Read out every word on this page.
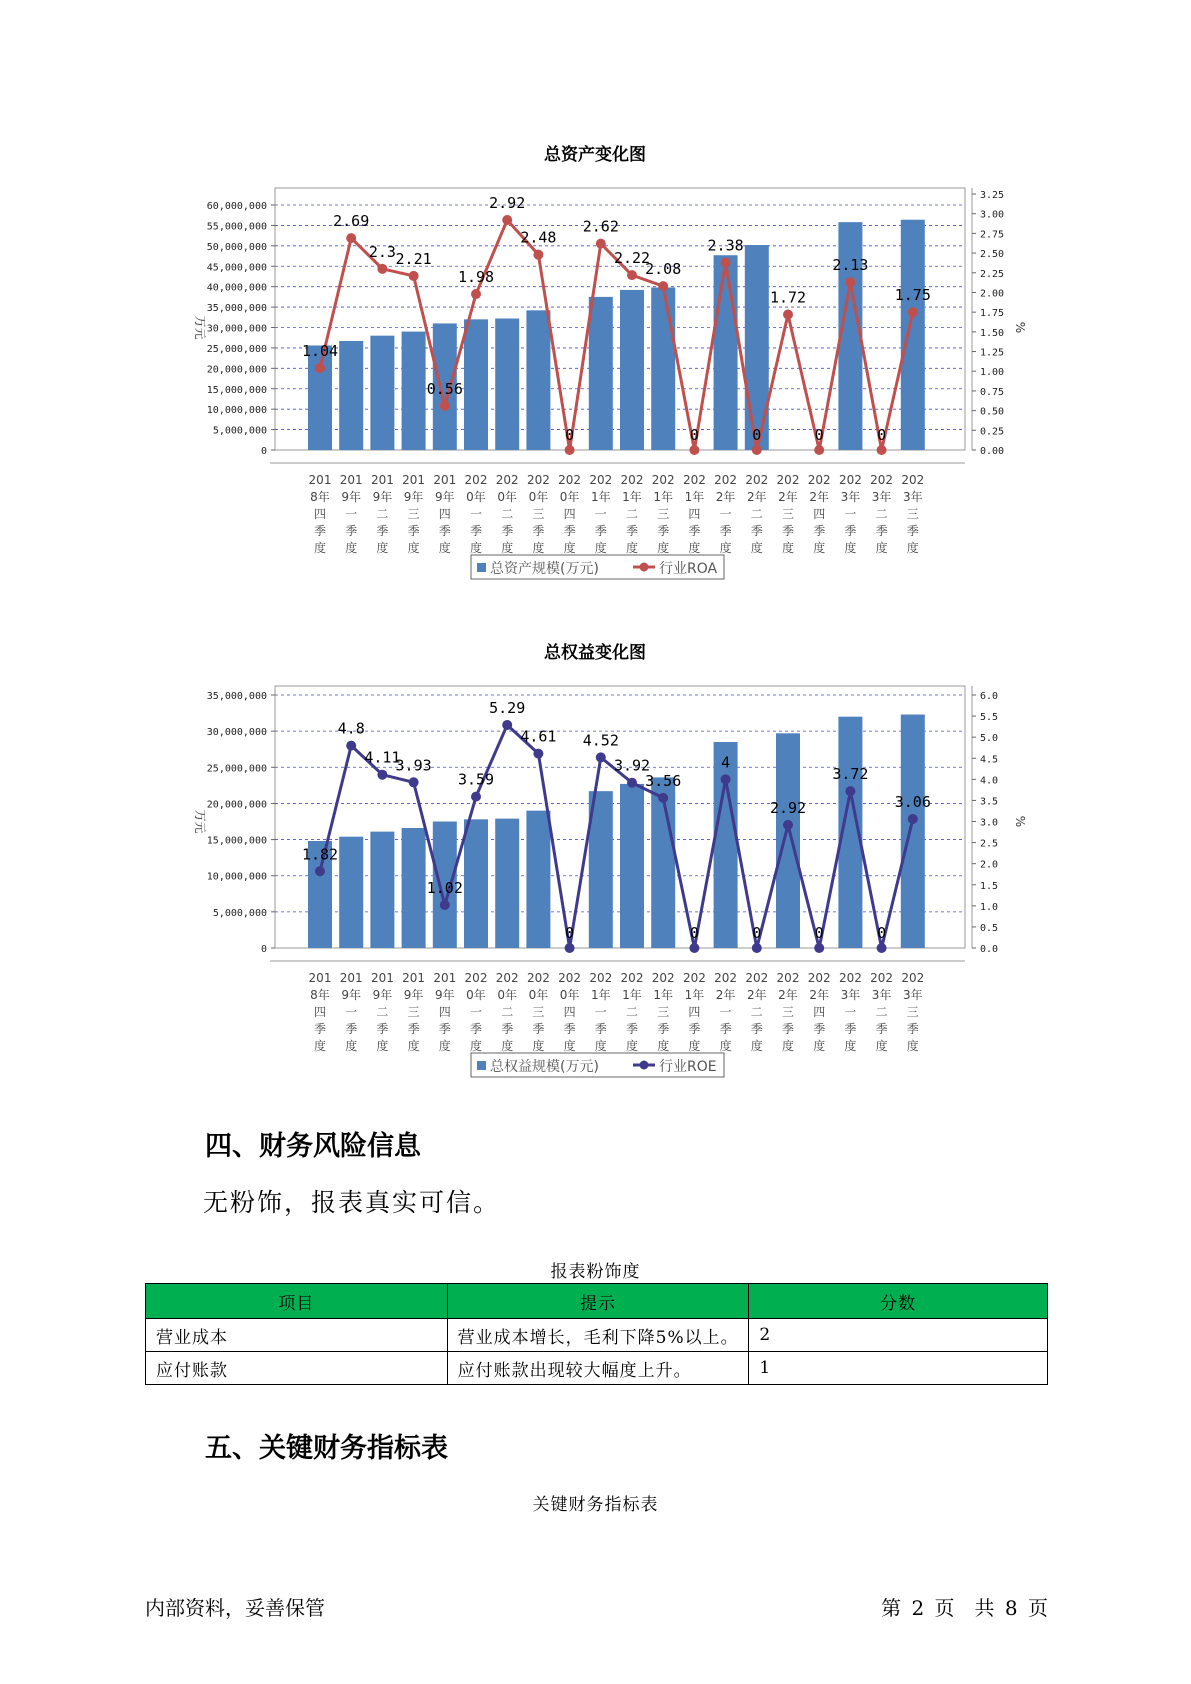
总资产变化图
0
5,000,000
10,000,000
15,000,000
20,000,000
25,000,000
30,000,000
35,000,000
40,000,000
45,000,000
50,000,000
55,000,000
60,000,000
0.00
0.25
0.50
0.75
1.00
1.25
1.50
1.75
2.00
2.25
2.50
2.75
3.00
3.25
万元	%
1.04
2.69
2.3 2.21
0.56
1.98
2.92
2.48
0
2.62
2.22
2.08
0
2.38
0
1.72
0
2.13
0
1.75
201
8年
四
季
度
201
9年
一
季
度
201
9年
二
季
度
201
9年
三
季
度
201
9年
四
季
度
202
0年
一
季
度
202
0年
二
季
度
202
0年
三
季
度
202
0年
四
季
度
202
1年
一
季
度
202
1年
二
季
度
202
1年
三
季
度
202
1年
四
季
度
202
2年
一
季
度
202
2年
二
季
度
202
2年
三
季
度
202
2年
四
季
度
202
3年
一
季
度
202
3年
二
季
度
202
3年
三
季
度
总资产规模(万元)	行业ROA
总权益变化图
0
5,000,000
10,000,000
15,000,000
20,000,000
25,000,000
30,000,000
35,000,000
0.0
0.5
1.0
1.5
2.0
2.5
3.0
3.5
4.0
4.5
5.0
5.5
6.0
万元	%
1.82
4.8
4.11
3.93
1.02
3.59
5.29
4.61
0
4.52
3.92
3.56
0
4
0
2.92
0
3.72
0
3.06
201
8年
四
季
度
201
9年
一
季
度
201
9年
二
季
度
201
9年
三
季
度
201
9年
四
季
度
202
0年
一
季
度
202
0年
二
季
度
202
0年
三
季
度
202
0年
四
季
度
202
1年
一
季
度
202
1年
二
季
度
202
1年
三
季
度
202
1年
四
季
度
202
2年
一
季
度
202
2年
二
季
度
202
2年
三
季
度
202
2年
四
季
度
202
3年
一
季
度
202
3年
二
季
度
202
3年
三
季
度
总权益规模(万元)	行业ROE
四、财务风险信息

无粉饰，报表真实可信。

报表粉饰度

项目	提示	分数
营业成本	营业成本增长，毛利下降5%以上。	2
应付账款	应付账款出现较大幅度上升。	1
五、关键财务指标表

关键财务指标表

内部资料，妥善保管	第 2 页　共 8 页
